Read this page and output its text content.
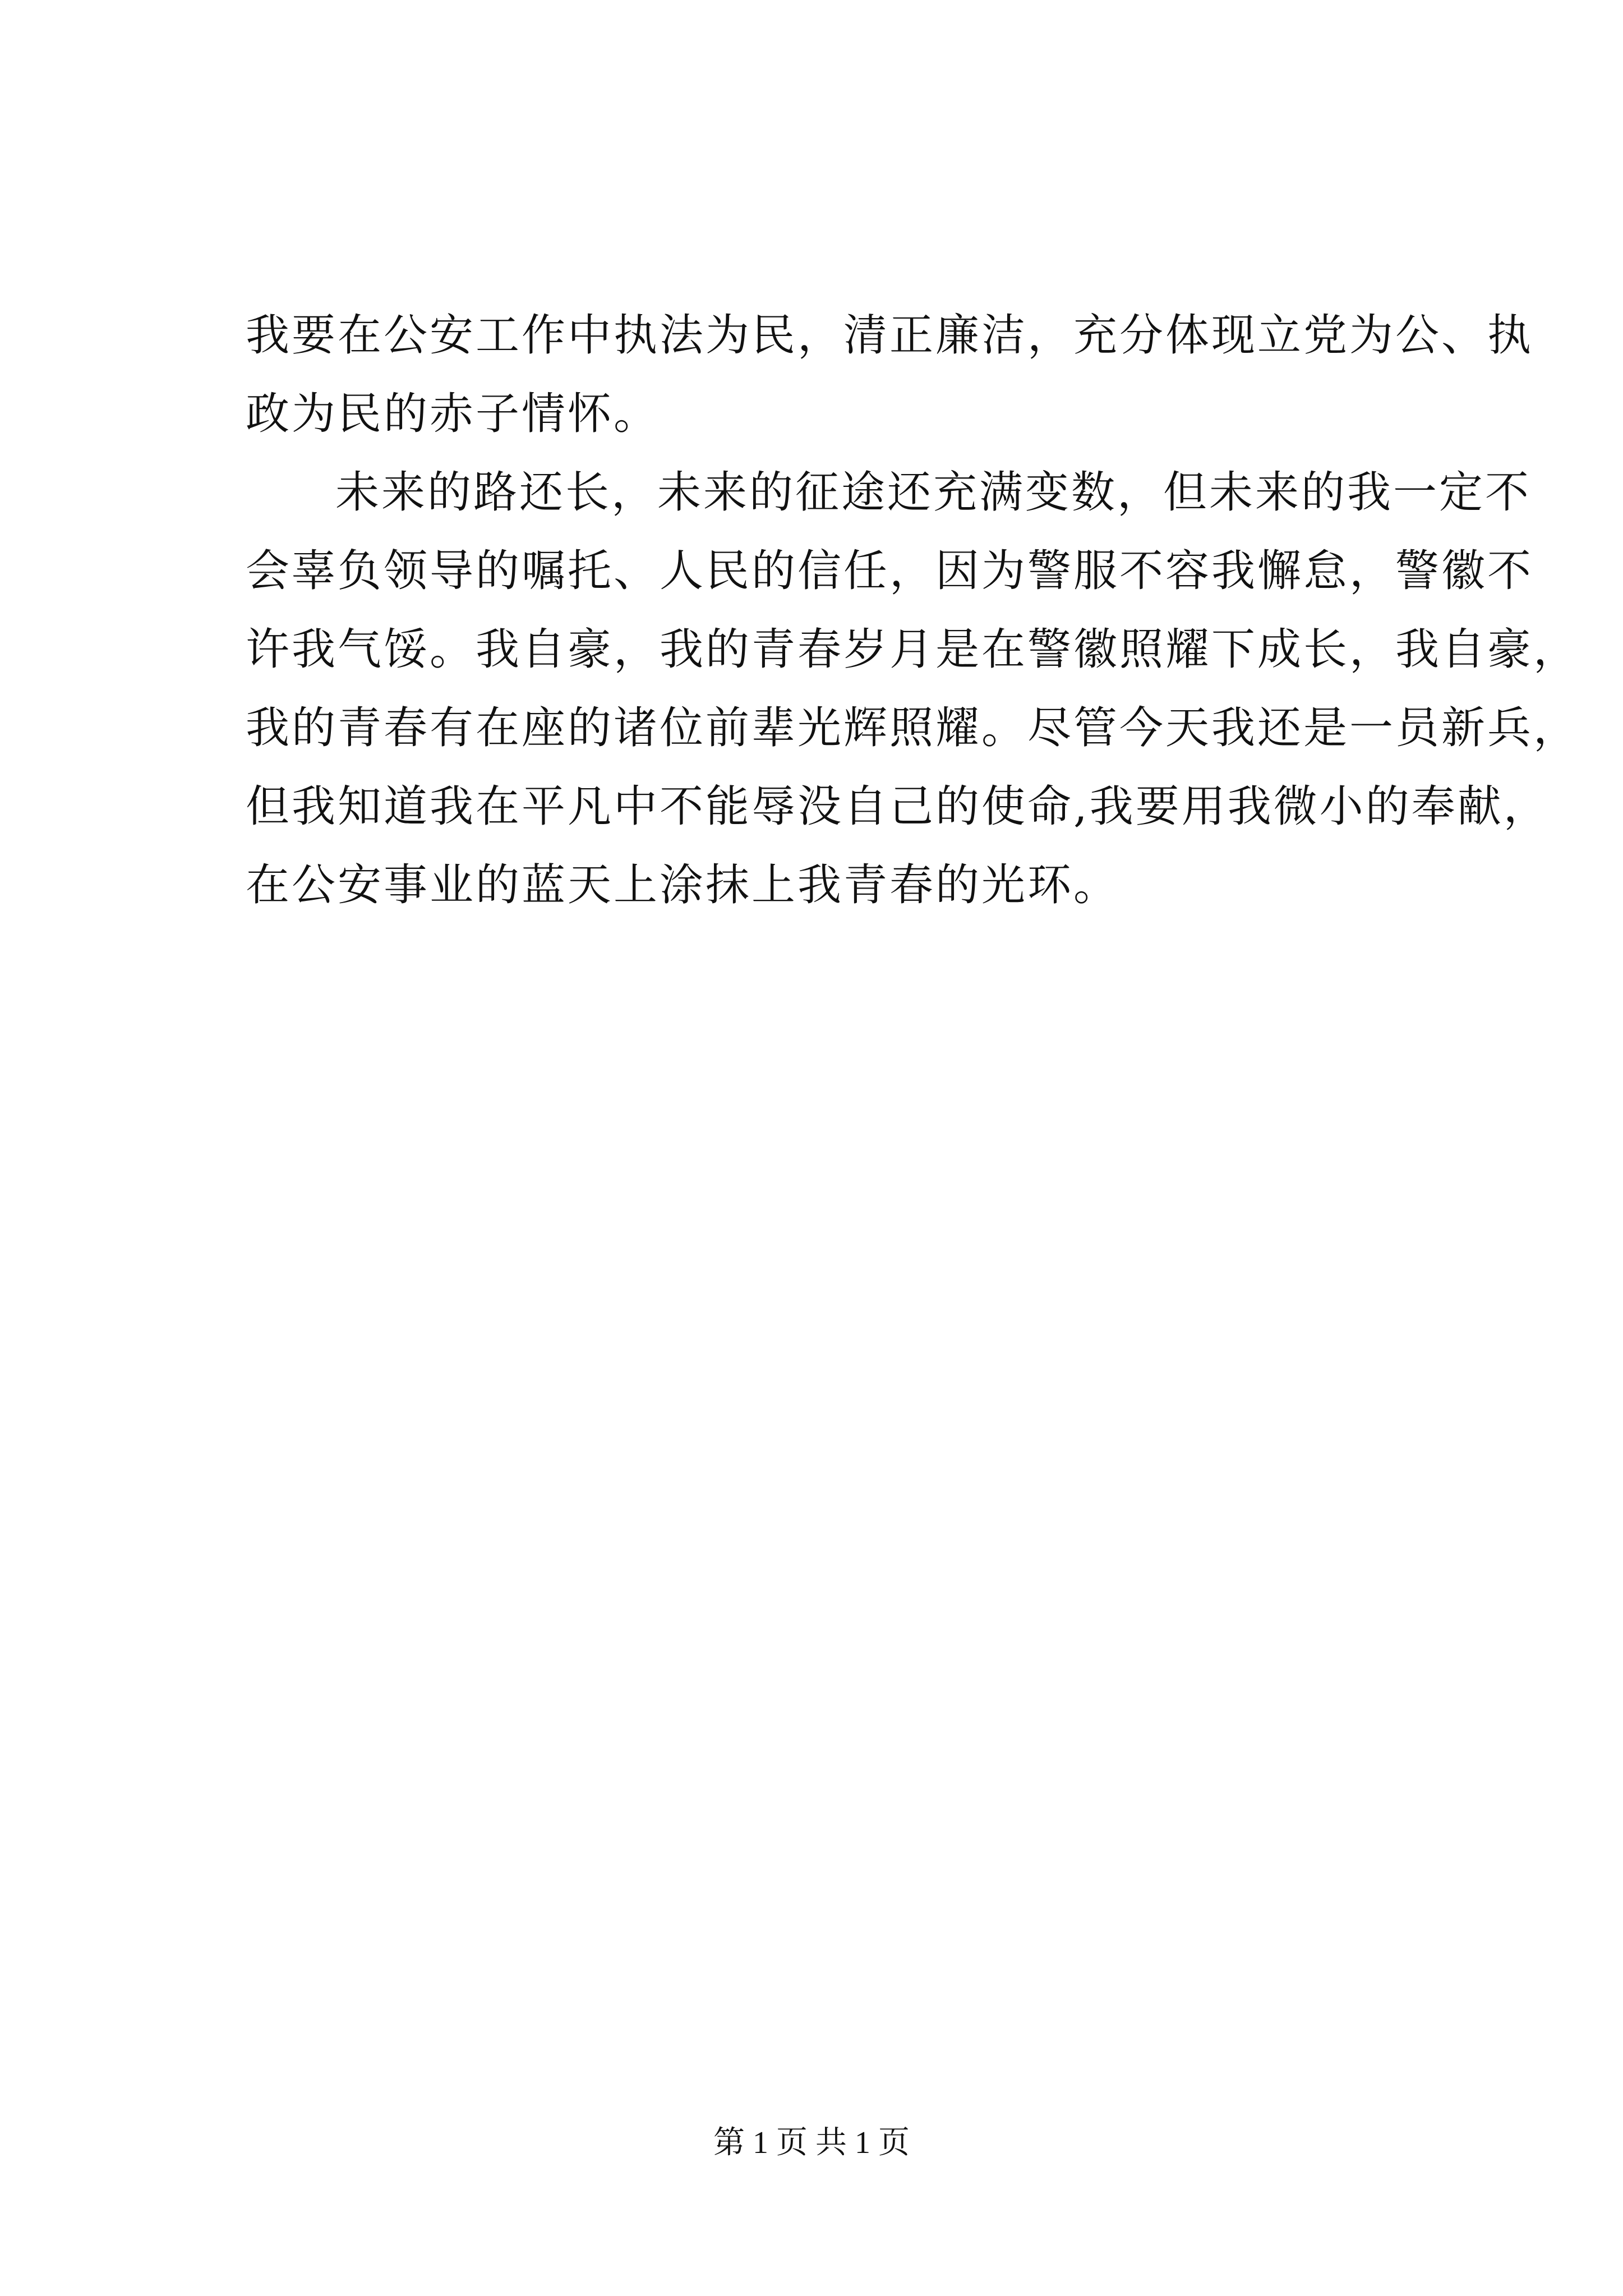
我要在公安工作中执法为民，清正廉洁，充分体现立党为公、执
政为民的赤子情怀。
未来的路还长，未来的征途还充满变数，但未来的我一定不
会辜负领导的嘱托、人民的信任，因为警服不容我懈怠，警徽不
许我气馁。我自豪，我的青春岁月是在警徽照耀下成长，我自豪，
我的青春有在座的诸位前辈光辉照耀。尽管今天我还是一员新兵，
但我知道我在平凡中不能辱没自己的使命,我要用我微小的奉献，
在公安事业的蓝天上涂抹上我青春的光环。
第 1 页 共 1 页
